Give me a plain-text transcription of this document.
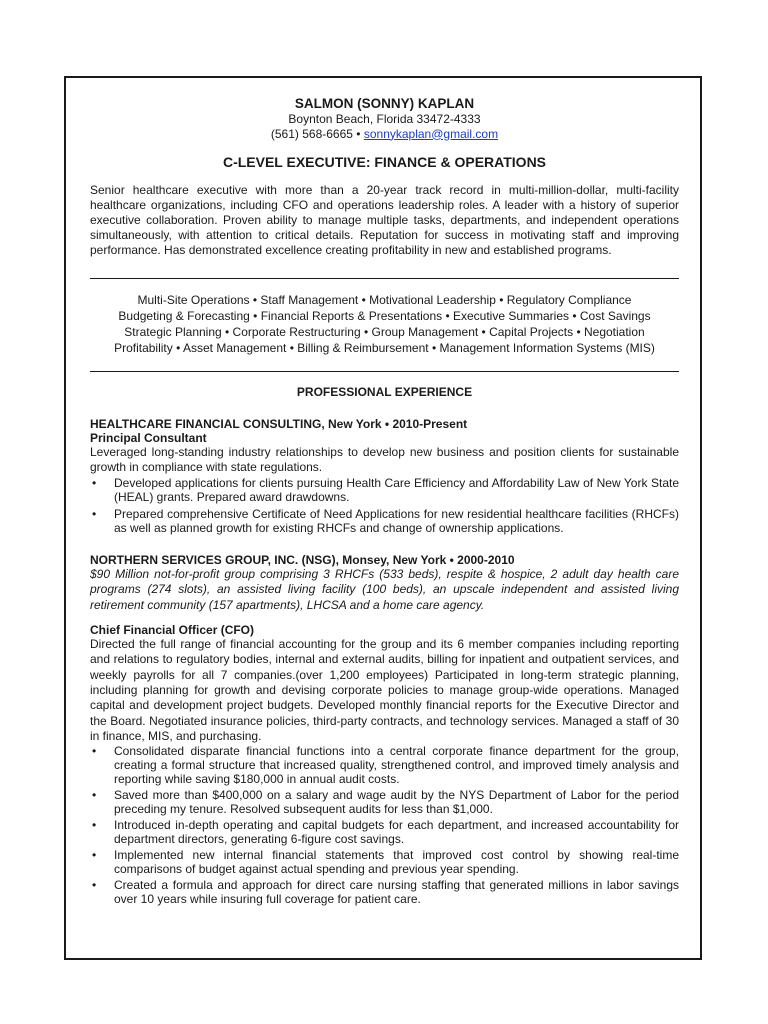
SALMON (SONNY) KAPLAN
Boynton Beach, Florida 33472-4333
(561) 568-6665 • sonnykaplan@gmail.com
C-LEVEL EXECUTIVE: FINANCE & OPERATIONS
Senior healthcare executive with more than a 20-year track record in multi-million-dollar, multi-facility healthcare organizations, including CFO and operations leadership roles. A leader with a history of superior executive collaboration. Proven ability to manage multiple tasks, departments, and independent operations simultaneously, with attention to critical details. Reputation for success in motivating staff and improving performance. Has demonstrated excellence creating profitability in new and established programs.
Multi-Site Operations • Staff Management • Motivational Leadership • Regulatory Compliance
Budgeting & Forecasting • Financial Reports & Presentations • Executive Summaries • Cost Savings
Strategic Planning • Corporate Restructuring • Group Management • Capital Projects • Negotiation
Profitability • Asset Management • Billing & Reimbursement • Management Information Systems (MIS)
PROFESSIONAL EXPERIENCE
HEALTHCARE FINANCIAL CONSULTING, New York • 2010-Present
Principal Consultant
Leveraged long-standing industry relationships to develop new business and position clients for sustainable growth in compliance with state regulations.
• Developed applications for clients pursuing Health Care Efficiency and Affordability Law of New York State (HEAL) grants. Prepared award drawdowns.
• Prepared comprehensive Certificate of Need Applications for new residential healthcare facilities (RHCFs) as well as planned growth for existing RHCFs and change of ownership applications.
NORTHERN SERVICES GROUP, INC. (NSG), Monsey, New York • 2000-2010
$90 Million not-for-profit group comprising 3 RHCFs (533 beds), respite & hospice, 2 adult day health care programs (274 slots), an assisted living facility (100 beds), an upscale independent and assisted living retirement community (157 apartments), LHCSA and a home care agency.
Chief Financial Officer (CFO)
Directed the full range of financial accounting for the group and its 6 member companies including reporting and relations to regulatory bodies, internal and external audits, billing for inpatient and outpatient services, and weekly payrolls for all 7 companies.(over 1,200 employees) Participated in long-term strategic planning, including planning for growth and devising corporate policies to manage group-wide operations. Managed capital and development project budgets. Developed monthly financial reports for the Executive Director and the Board. Negotiated insurance policies, third-party contracts, and technology services. Managed a staff of 30 in finance, MIS, and purchasing.
• Consolidated disparate financial functions into a central corporate finance department for the group, creating a formal structure that increased quality, strengthened control, and improved timely analysis and reporting while saving $180,000 in annual audit costs.
• Saved more than $400,000 on a salary and wage audit by the NYS Department of Labor for the period preceding my tenure. Resolved subsequent audits for less than $1,000.
• Introduced in-depth operating and capital budgets for each department, and increased accountability for department directors, generating 6-figure cost savings.
• Implemented new internal financial statements that improved cost control by showing real-time comparisons of budget against actual spending and previous year spending.
• Created a formula and approach for direct care nursing staffing that generated millions in labor savings over 10 years while insuring full coverage for patient care.
